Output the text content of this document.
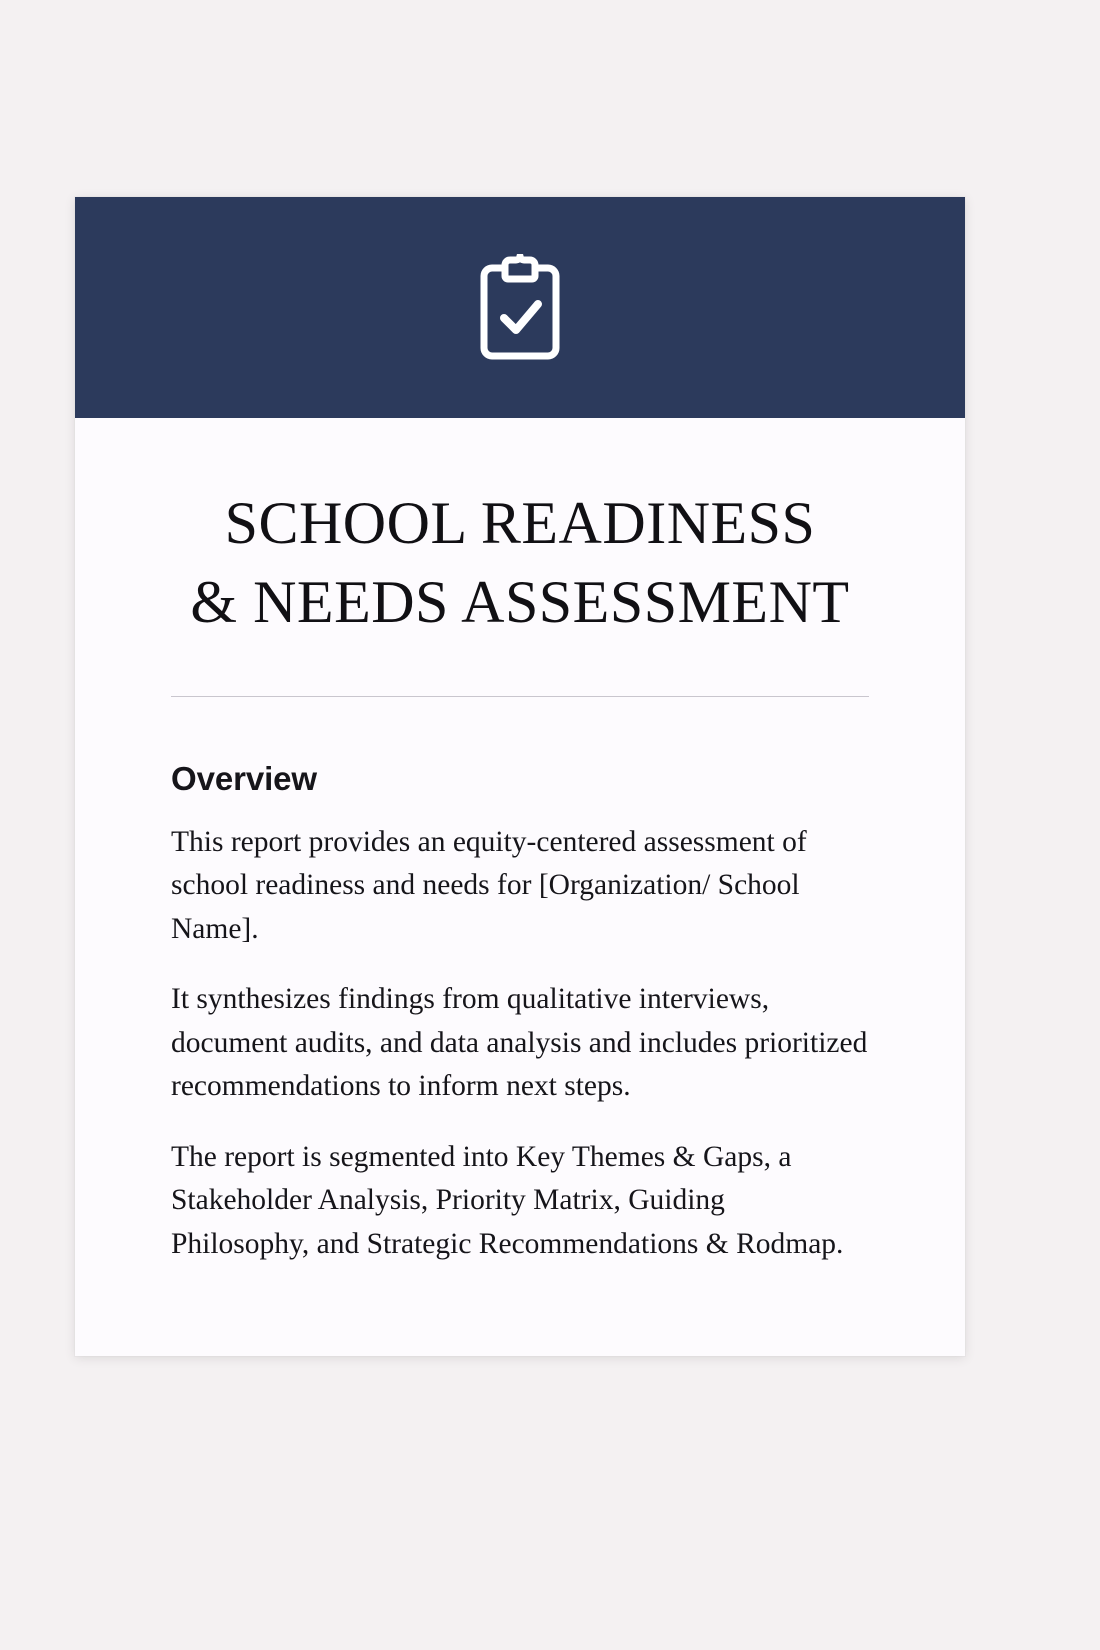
SCHOOL READINESS
& NEEDS ASSESSMENT
Overview

This report provides an equity-centered assessment of school readiness and needs for [Organization/ School Name].

It synthesizes findings from qualitative interviews, document audits, and data analysis and includes prioritized recommendations to inform next steps.

The report is segmented into Key Themes & Gaps, a Stakeholder Analysis, Priority Matrix, Guiding Philosophy, and Strategic Recommendations & Rodmap.
